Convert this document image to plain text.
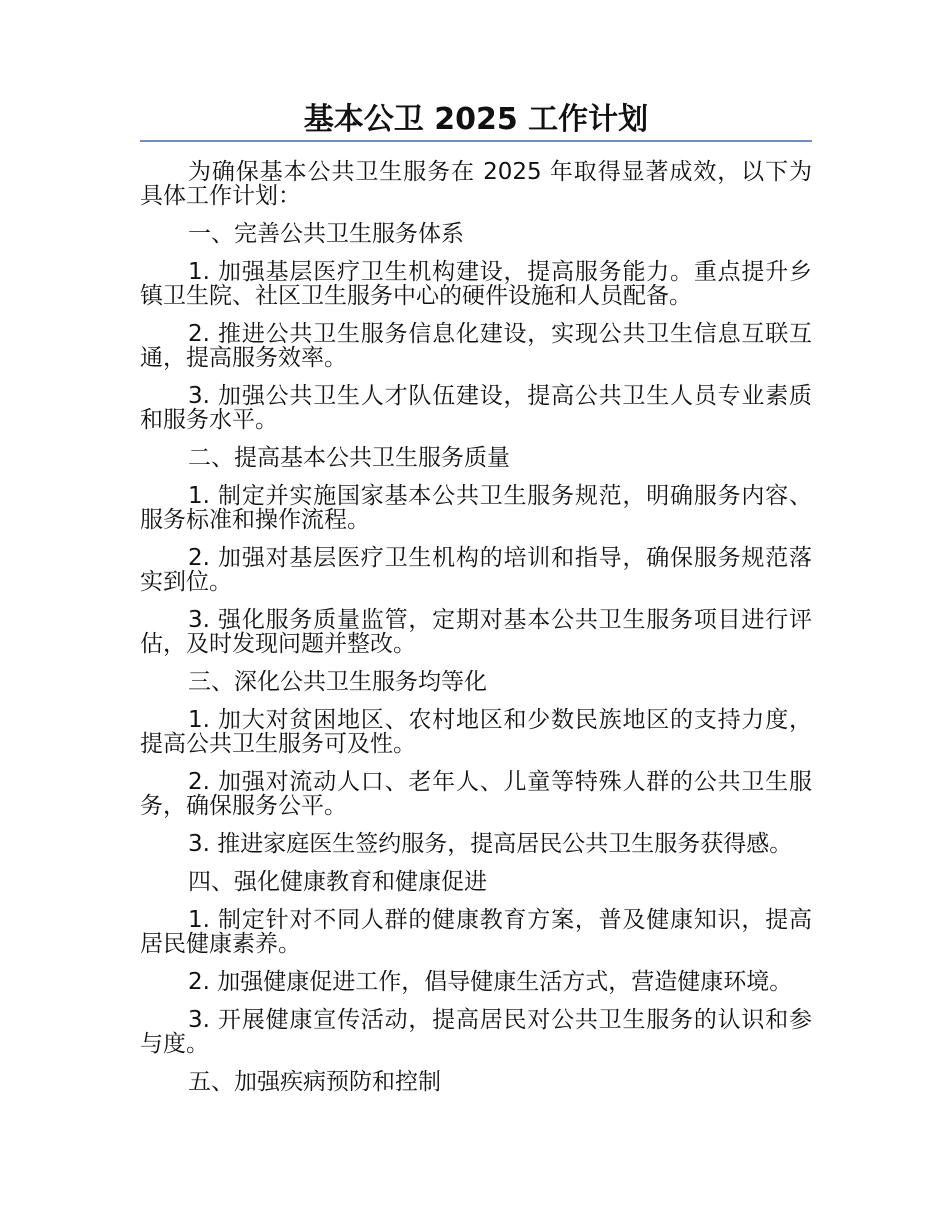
基本公卫 2025 工作计划

为确保基本公共卫生服务在 2025 年取得显著成效，以下为具体工作计划：

一、完善公共卫生服务体系

1. 加强基层医疗卫生机构建设，提高服务能力。重点提升乡镇卫生院、社区卫生服务中心的硬件设施和人员配备。

2. 推进公共卫生服务信息化建设，实现公共卫生信息互联互通，提高服务效率。

3. 加强公共卫生人才队伍建设，提高公共卫生人员专业素质和服务水平。

二、提高基本公共卫生服务质量

1. 制定并实施国家基本公共卫生服务规范，明确服务内容、服务标准和操作流程。

2. 加强对基层医疗卫生机构的培训和指导，确保服务规范落实到位。

3. 强化服务质量监管，定期对基本公共卫生服务项目进行评估，及时发现问题并整改。

三、深化公共卫生服务均等化

1. 加大对贫困地区、农村地区和少数民族地区的支持力度，提高公共卫生服务可及性。

2. 加强对流动人口、老年人、儿童等特殊人群的公共卫生服务，确保服务公平。

3. 推进家庭医生签约服务，提高居民公共卫生服务获得感。

四、强化健康教育和健康促进

1. 制定针对不同人群的健康教育方案，普及健康知识，提高居民健康素养。

2. 加强健康促进工作，倡导健康生活方式，营造健康环境。

3. 开展健康宣传活动，提高居民对公共卫生服务的认识和参与度。

五、加强疾病预防和控制
